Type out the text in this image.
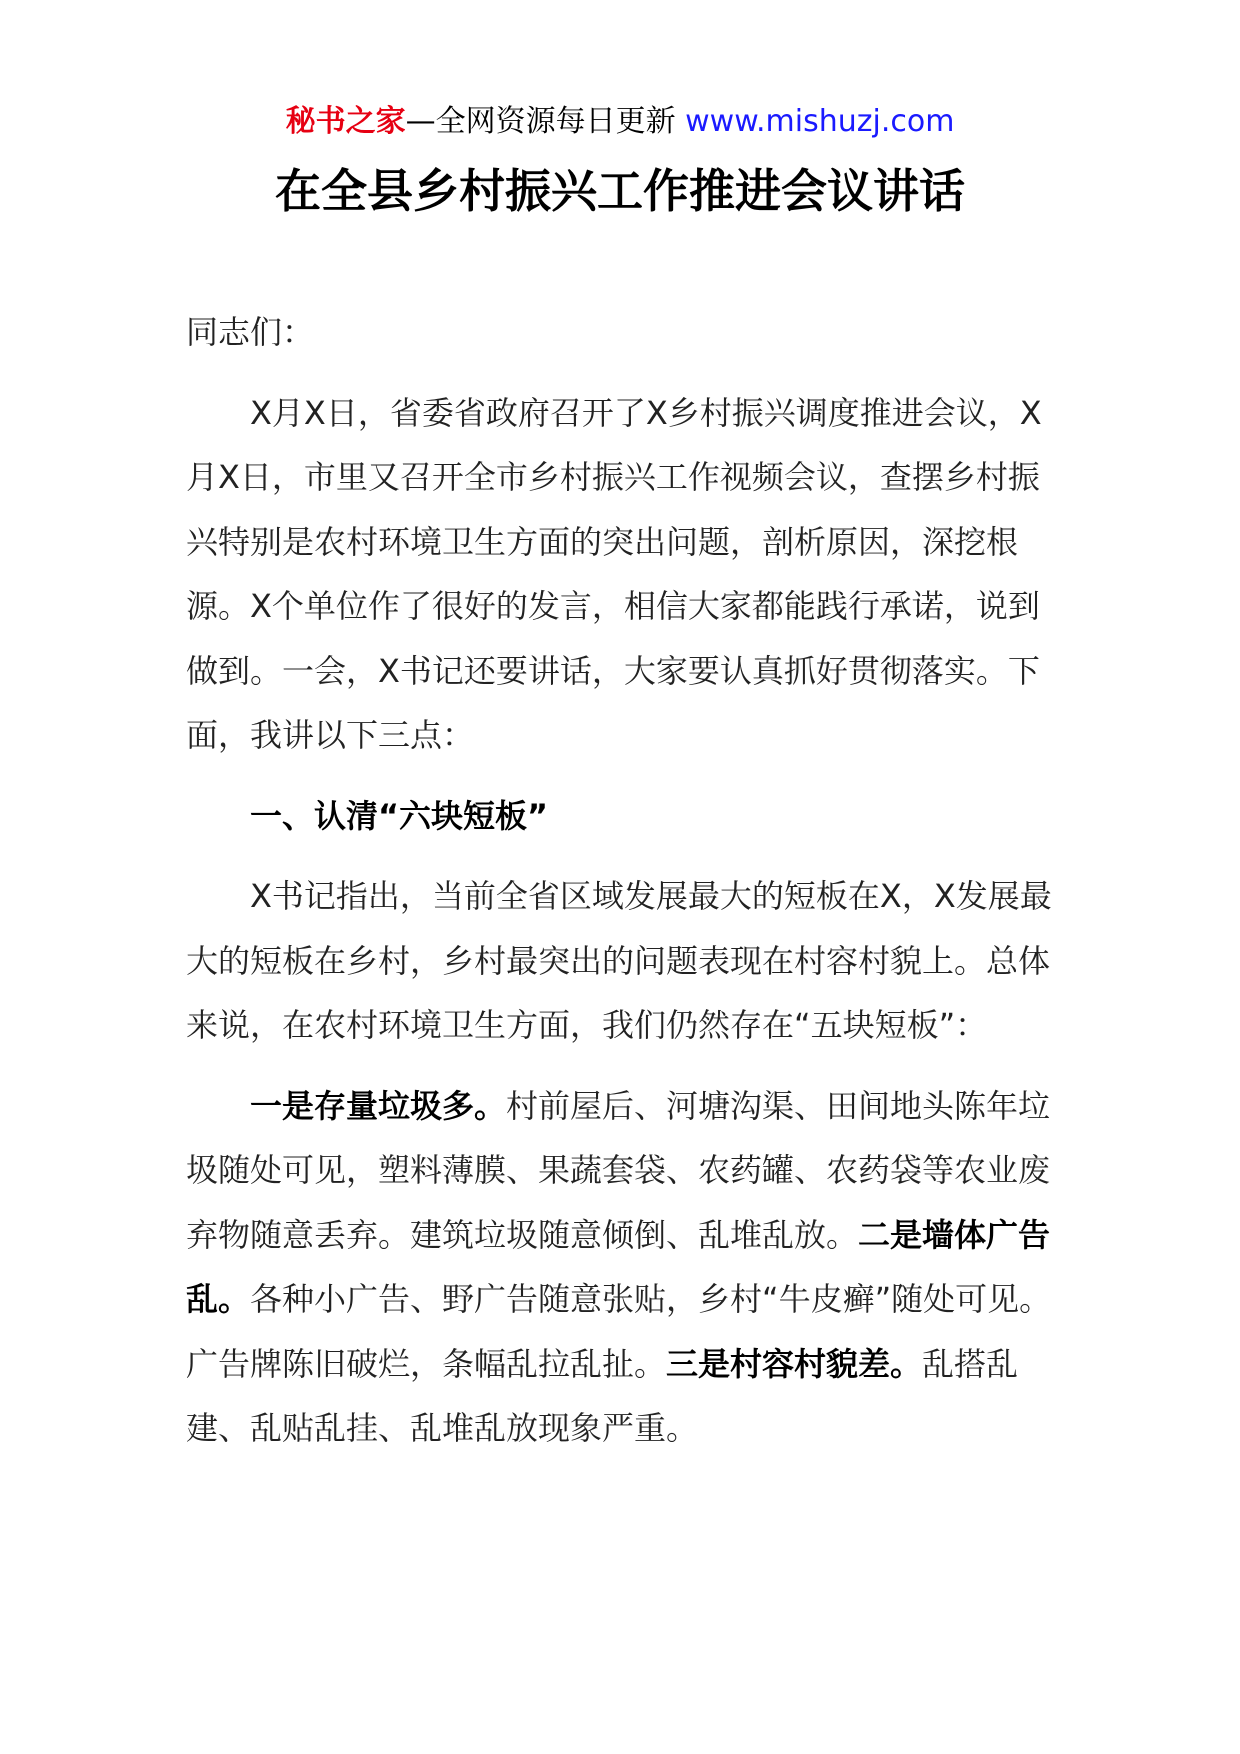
秘书之家—全网资源每日更新 www.mishuzj.com
在全县乡村振兴工作推进会议讲话

同志们：

X月X日，省委省政府召开了X乡村振兴调度推进会议，X月X日，市里又召开全市乡村振兴工作视频会议，查摆乡村振兴特别是农村环境卫生方面的突出问题，剖析原因，深挖根源。X个单位作了很好的发言，相信大家都能践行承诺，说到做到。一会，X书记还要讲话，大家要认真抓好贯彻落实。下面，我讲以下三点：

一、认清“六块短板”

X书记指出，当前全省区域发展最大的短板在X，X发展最大的短板在乡村，乡村最突出的问题表现在村容村貌上。总体来说，在农村环境卫生方面，我们仍然存在“五块短板”：

一是存量垃圾多。村前屋后、河塘沟渠、田间地头陈年垃圾随处可见，塑料薄膜、果蔬套袋、农药罐、农药袋等农业废弃物随意丢弃。建筑垃圾随意倾倒、乱堆乱放。二是墙体广告乱。各种小广告、野广告随意张贴，乡村“牛皮癣”随处可见。广告牌陈旧破烂，条幅乱拉乱扯。三是村容村貌差。乱搭乱建、乱贴乱挂、乱堆乱放现象严重。
